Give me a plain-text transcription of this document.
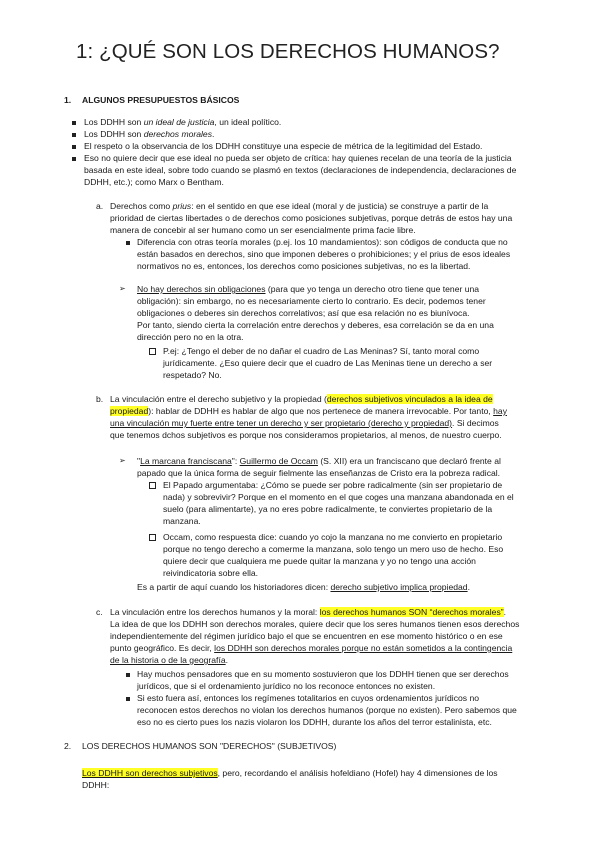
1: ¿QUÉ SON LOS DERECHOS HUMANOS?
1. ALGUNOS PRESUPUESTOS BÁSICOS
Los DDHH son un ideal de justicia, un ideal político.
Los DDHH son derechos morales.
El respeto o la observancia de los DDHH constituye una especie de métrica de la legitimidad del Estado.
Eso no quiere decir que ese ideal no pueda ser objeto de crítica: hay quienes recelan de una teoría de la justicia
basada en este ideal, sobre todo cuando se plasmó en textos (declaraciones de independencia, declaraciones de
DDHH, etc.); como Marx o Bentham.
a. Derechos como prius: en el sentido en que ese ideal (moral y de justicia) se construye a partir de la
prioridad de ciertas libertades o de derechos como posiciones subjetivas, porque detrás de estos hay una
manera de concebir al ser humano como un ser esencialmente prima facie libre.
Diferencia con otras teoría morales (p.ej. los 10 mandamientos): son códigos de conducta que no
están basados en derechos, sino que imponen deberes o prohibiciones; y el prius de esos ideales
normativos no es, entonces, los derechos como posiciones subjetivas, no es la libertad.
➢ No hay derechos sin obligaciones (para que yo tenga un derecho otro tiene que tener una
obligación): sin embargo, no es necesariamente cierto lo contrario. Es decir, podemos tener
obligaciones o deberes sin derechos correlativos; así que esa relación no es biunívoca.
Por tanto, siendo cierta la correlación entre derechos y deberes, esa correlación se da en una
dirección pero no en la otra.
P.ej: ¿Tengo el deber de no dañar el cuadro de Las Meninas? Sí, tanto moral como
jurídicamente. ¿Eso quiere decir que el cuadro de Las Meninas tiene un derecho a ser
respetado? No.
b. La vinculación entre el derecho subjetivo y la propiedad (derechos subjetivos vinculados a la idea de
propiedad): hablar de DDHH es hablar de algo que nos pertenece de manera irrevocable. Por tanto, hay
una vinculación muy fuerte entre tener un derecho y ser propietario (derecho y propiedad). Si decimos
que tenemos dchos subjetivos es porque nos consideramos propietarios, al menos, de nuestro cuerpo.
➢ "La marcana franciscana": Guillermo de Occam (S. XII) era un franciscano que declaró frente al
papado que la única forma de seguir fielmente las enseñanzas de Cristo era la pobreza radical.
El Papado argumentaba: ¿Cómo se puede ser pobre radicalmente (sin ser propietario de
nada) y sobrevivir? Porque en el momento en el que coges una manzana abandonada en el
suelo (para alimentarte), ya no eres pobre radicalmente, te conviertes propietario de la
manzana.
Occam, como respuesta dice: cuando yo cojo la manzana no me convierto en propietario
porque no tengo derecho a comerme la manzana, solo tengo un mero uso de hecho. Eso
quiere decir que cualquiera me puede quitar la manzana y yo no tengo una acción
reivindicatoria sobre ella.
Es a partir de aquí cuando los historiadores dicen: derecho subjetivo implica propiedad.
c. La vinculación entre los derechos humanos y la moral: los derechos humanos SON “derechos morales”.
La idea de que los DDHH son derechos morales, quiere decir que los seres humanos tienen esos derechos
independientemente del régimen jurídico bajo el que se encuentren en ese momento histórico o en ese
punto geográfico. Es decir, los DDHH son derechos morales porque no están sometidos a la contingencia
de la historia o de la geografía.
Hay muchos pensadores que en su momento sostuvieron que los DDHH tienen que ser derechos
jurídicos, que si el ordenamiento jurídico no los reconoce entonces no existen.
Si esto fuera así, entonces los regímenes totalitarios en cuyos ordenamientos jurídicos no
reconocen estos derechos no violan los derechos humanos (porque no existen). Pero sabemos que
eso no es cierto pues los nazis violaron los DDHH, durante los años del terror estalinista, etc.
2. LOS DERECHOS HUMANOS SON "DERECHOS" (SUBJETIVOS)
Los DDHH son derechos subjetivos, pero, recordando el análisis hofeldiano (Hofel) hay 4 dimensiones de los
DDHH:
